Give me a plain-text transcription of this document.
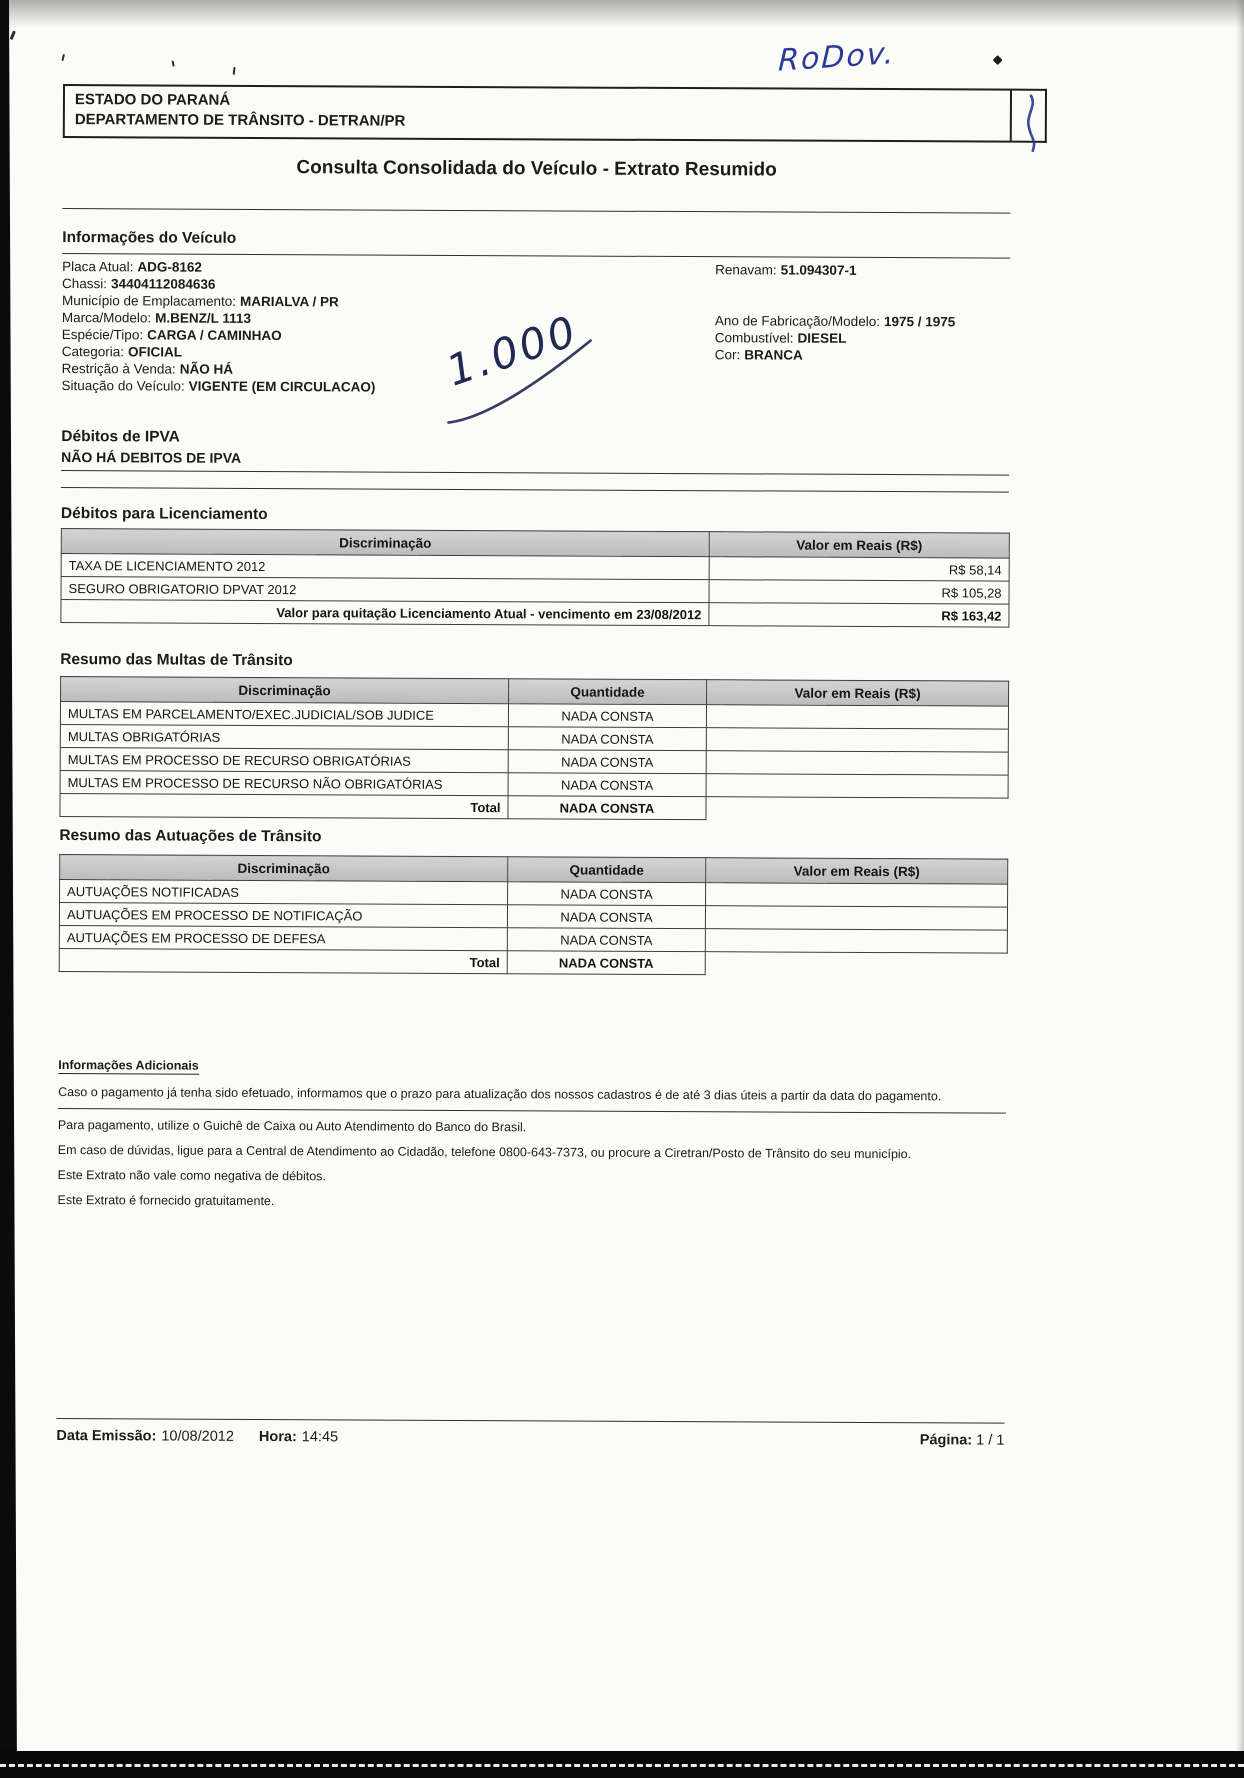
RoDov.
ESTADO DO PARANÁ
DEPARTAMENTO DE TRÂNSITO - DETRAN/PR
Consulta Consolidada do Veículo - Extrato Resumido
Informações do Veículo
Placa Atual: ADG-8162
Chassi: 34404112084636
Município de Emplacamento: MARIALVA / PR
Marca/Modelo: M.BENZ/L 1113
Espécie/Tipo: CARGA / CAMINHAO
Categoria: OFICIAL
Restrição à Venda: NÃO HÁ
Situação do Veículo: VIGENTE (EM CIRCULACAO)
Renavam: 51.094307-1
Ano de Fabricação/Modelo: 1975 / 1975
Combustível: DIESEL
Cor: BRANCA
1.000
Débitos de IPVA
NÃO HÁ DEBITOS DE IPVA
Débitos para Licenciamento
Discriminação	Valor em Reais (R$)
TAXA DE LICENCIAMENTO 2012	R$ 58,14
SEGURO OBRIGATORIO DPVAT 2012	R$ 105,28
Valor para quitação Licenciamento Atual - vencimento em 23/08/2012	R$ 163,42
Resumo das Multas de Trânsito
Discriminação	Quantidade	Valor em Reais (R$)
MULTAS EM PARCELAMENTO/EXEC.JUDICIAL/SOB JUDICE	NADA CONSTA	
MULTAS OBRIGATÓRIAS	NADA CONSTA	
MULTAS EM PROCESSO DE RECURSO OBRIGATÓRIAS	NADA CONSTA	
MULTAS EM PROCESSO DE RECURSO NÃO OBRIGATÓRIAS	NADA CONSTA	
Total	NADA CONSTA	
Resumo das Autuações de Trânsito
Discriminação	Quantidade	Valor em Reais (R$)
AUTUAÇÕES NOTIFICADAS	NADA CONSTA	
AUTUAÇÕES EM PROCESSO DE NOTIFICAÇÃO	NADA CONSTA	
AUTUAÇÕES EM PROCESSO DE DEFESA	NADA CONSTA	
Total	NADA CONSTA	
Informações Adicionais
Caso o pagamento já tenha sido efetuado, informamos que o prazo para atualização dos nossos cadastros é de até 3 dias úteis a partir da data do pagamento.
Para pagamento, utilize o Guichê de Caixa ou Auto Atendimento do Banco do Brasil.
Em caso de dúvidas, ligue para a Central de Atendimento ao Cidadão, telefone 0800-643-7373, ou procure a Ciretran/Posto de Trânsito do seu município.
Este Extrato não vale como negativa de débitos.
Este Extrato é fornecido gratuitamente.
Data Emissão: 10/08/2012 Hora: 14:45	Página: 1 / 1
